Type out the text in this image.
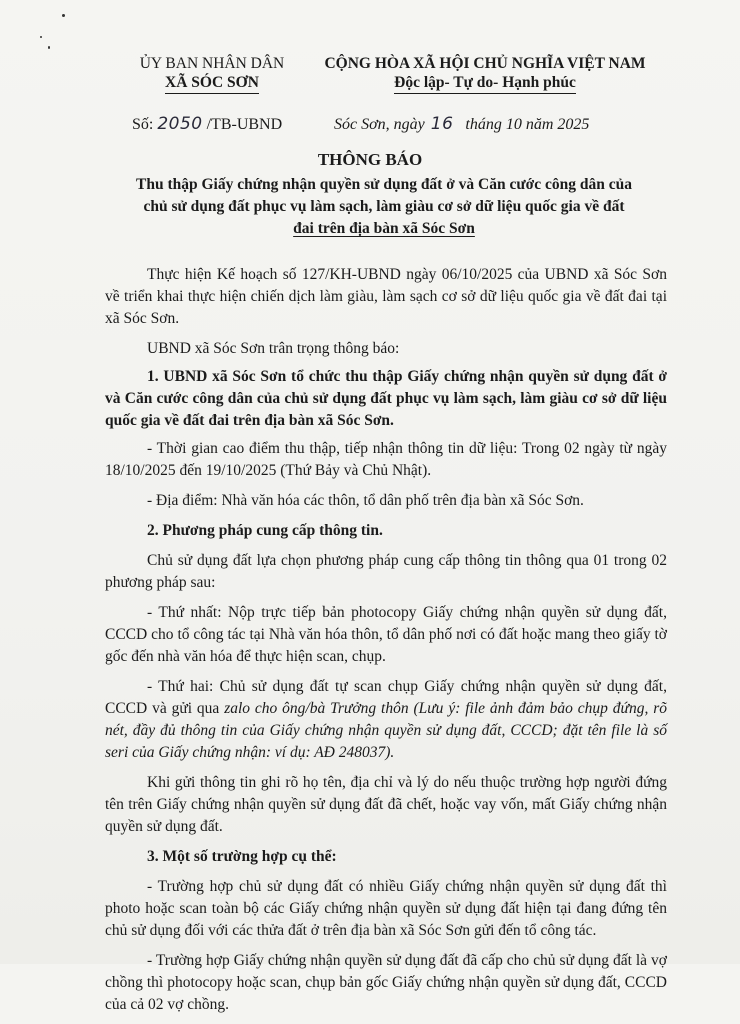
ỦY BAN NHÂN DÂN
XÃ SÓC SƠN
CỘNG HÒA XÃ HỘI CHỦ NGHĨA VIỆT NAM
Độc lập- Tự do- Hạnh phúc
Số: 2050 /TB-UBND	Sóc Sơn, ngày 16 tháng 10 năm 2025
THÔNG BÁO
Thu thập Giấy chứng nhận quyền sử dụng đất ở và Căn cước công dân của
chủ sử dụng đất phục vụ làm sạch, làm giàu cơ sở dữ liệu quốc gia về đất
đai trên địa bàn xã Sóc Sơn

Thực hiện Kế hoạch số 127/KH-UBND ngày 06/10/2025 của UBND xã Sóc Sơn về triển khai thực hiện chiến dịch làm giàu, làm sạch cơ sở dữ liệu quốc gia về đất đai tại xã Sóc Sơn.

UBND xã Sóc Sơn trân trọng thông báo:

1. UBND xã Sóc Sơn tổ chức thu thập Giấy chứng nhận quyền sử dụng đất ở và Căn cước công dân của chủ sử dụng đất phục vụ làm sạch, làm giàu cơ sở dữ liệu quốc gia về đất đai trên địa bàn xã Sóc Sơn.

- Thời gian cao điểm thu thập, tiếp nhận thông tin dữ liệu: Trong 02 ngày từ ngày 18/10/2025 đến 19/10/2025 (Thứ Bảy và Chủ Nhật).

- Địa điểm: Nhà văn hóa các thôn, tổ dân phố trên địa bàn xã Sóc Sơn.

2. Phương pháp cung cấp thông tin.

Chủ sử dụng đất lựa chọn phương pháp cung cấp thông tin thông qua 01 trong 02 phương pháp sau:

- Thứ nhất: Nộp trực tiếp bản photocopy Giấy chứng nhận quyền sử dụng đất, CCCD cho tổ công tác tại Nhà văn hóa thôn, tổ dân phố nơi có đất hoặc mang theo giấy tờ gốc đến nhà văn hóa để thực hiện scan, chụp.

- Thứ hai: Chủ sử dụng đất tự scan chụp Giấy chứng nhận quyền sử dụng đất, CCCD và gửi qua zalo cho ông/bà Trưởng thôn (Lưu ý: file ảnh đảm bảo chụp đứng, rõ nét, đầy đủ thông tin của Giấy chứng nhận quyền sử dụng đất, CCCD; đặt tên file là số seri của Giấy chứng nhận: ví dụ: AĐ 248037).

Khi gửi thông tin ghi rõ họ tên, địa chỉ và lý do nếu thuộc trường hợp người đứng tên trên Giấy chứng nhận quyền sử dụng đất đã chết, hoặc vay vốn, mất Giấy chứng nhận quyền sử dụng đất.

3. Một số trường hợp cụ thể:

- Trường hợp chủ sử dụng đất có nhiều Giấy chứng nhận quyền sử dụng đất thì photo hoặc scan toàn bộ các Giấy chứng nhận quyền sử dụng đất hiện tại đang đứng tên chủ sử dụng đối với các thửa đất ở trên địa bàn xã Sóc Sơn gửi đến tổ công tác.

- Trường hợp Giấy chứng nhận quyền sử dụng đất đã cấp cho chủ sử dụng đất là vợ chồng thì photocopy hoặc scan, chụp bản gốc Giấy chứng nhận quyền sử dụng đất, CCCD của cả 02 vợ chồng.
